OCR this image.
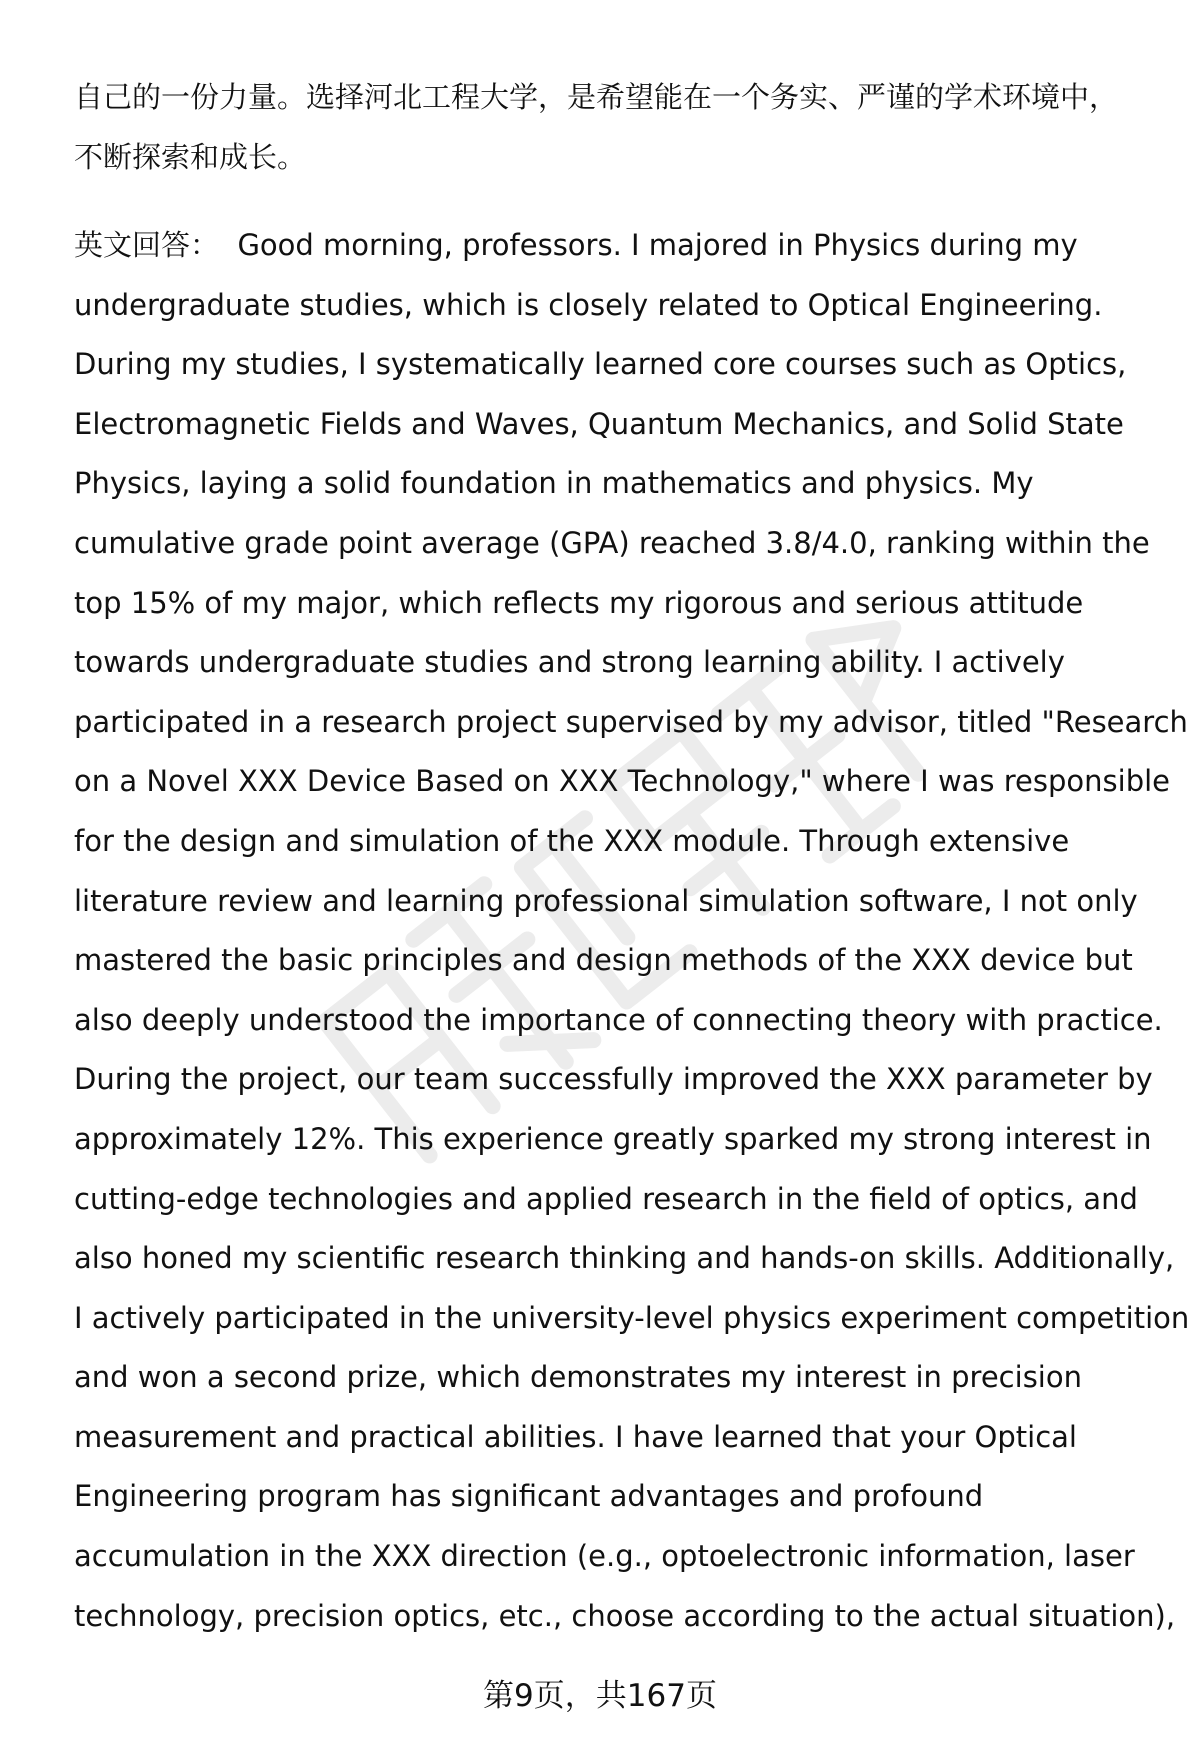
自己的一份力量。选择河北工程大学，是希望能在一个务实、严谨的学术环境中，
不断探索和成长。
英文回答： Good morning, professors. I majored in Physics during my
undergraduate studies, which is closely related to Optical Engineering.
During my studies, I systematically learned core courses such as Optics,
Electromagnetic Fields and Waves, Quantum Mechanics, and Solid State
Physics, laying a solid foundation in mathematics and physics. My
cumulative grade point average (GPA) reached 3.8/4.0, ranking within the
top 15% of my major, which reflects my rigorous and serious attitude
towards undergraduate studies and strong learning ability. I actively
participated in a research project supervised by my advisor, titled "Research
on a Novel XXX Device Based on XXX Technology," where I was responsible
for the design and simulation of the XXX module. Through extensive
literature review and learning professional simulation software, I not only
mastered the basic principles and design methods of the XXX device but
also deeply understood the importance of connecting theory with practice.
During the project, our team successfully improved the XXX parameter by
approximately 12%. This experience greatly sparked my strong interest in
cutting-edge technologies and applied research in the field of optics, and
also honed my scientific research thinking and hands-on skills. Additionally,
I actively participated in the university-level physics experiment competition
and won a second prize, which demonstrates my interest in precision
measurement and practical abilities. I have learned that your Optical
Engineering program has significant advantages and profound
accumulation in the XXX direction (e.g., optoelectronic information, laser
technology, precision optics, etc., choose according to the actual situation),
第9页，共167页
